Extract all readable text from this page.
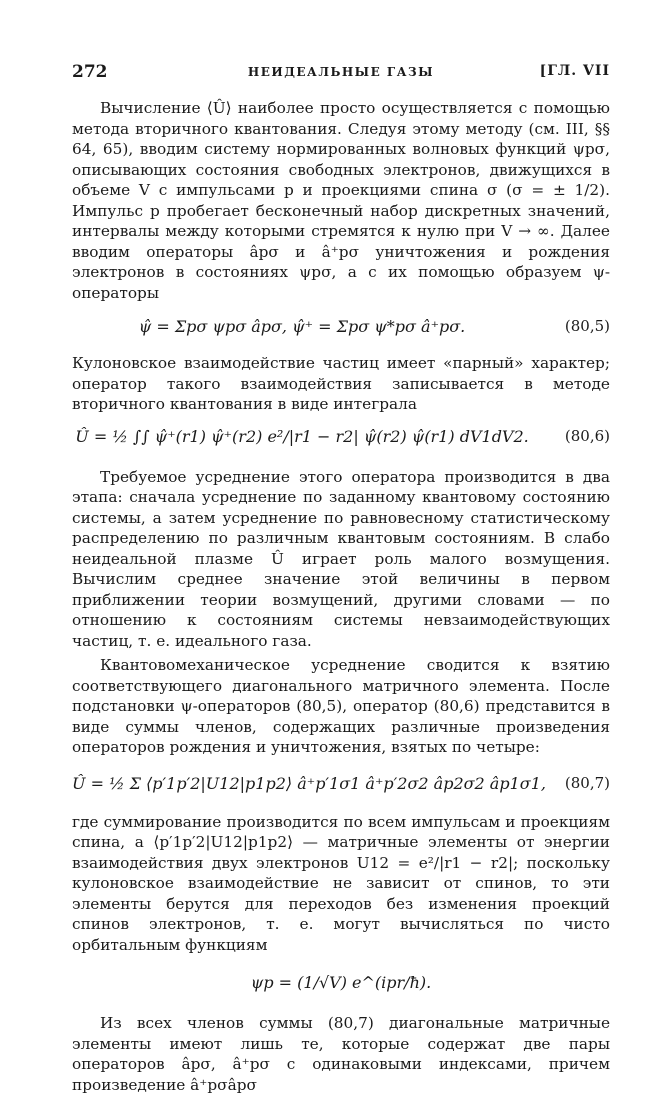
272	НЕИДЕАЛЬНЫЕ ГАЗЫ	[ГЛ. VII

Вычисление ⟨Û⟩ наиболее просто осуществляется с помощью метода вторичного квантования. Следуя этому методу (см. III, §§ 64, 65), вводим систему нормированных волновых функций ψpσ, описывающих состояния свободных электронов, движущихся в объеме V с импульсами p и проекциями спина σ (σ = ± 1/2). Импульс p пробегает бесконечный набор дискретных значений, интервалы между которыми стремятся к нулю при V → ∞. Далее вводим операторы âpσ и â⁺pσ уничтожения и рождения электронов в состояниях ψpσ, а с их помощью образуем ψ-операторы

ψ̂ = Σpσ ψpσ âpσ, ψ̂⁺ = Σpσ ψ*pσ â⁺pσ.	(80,5)

Кулоновское взаимодействие частиц имеет «парный» характер; оператор такого взаимодействия записывается в методе вторичного квантования в виде интеграла

Û = ½ ∫∫ ψ̂⁺(r1) ψ̂⁺(r2) e²/|r1 − r2| ψ̂(r2) ψ̂(r1) dV1dV2. (80,6)

Требуемое усреднение этого оператора производится в два этапа: сначала усреднение по заданному квантовому состоянию системы, а затем усреднение по равновесному статистическому распределению по различным квантовым состояниям. В слабо неидеальной плазме Û играет роль малого возмущения. Вычислим среднее значение этой величины в первом приближении теории возмущений, другими словами — по отношению к состояниям системы невзаимодействующих частиц, т. е. идеального газа.

Квантовомеханическое усреднение сводится к взятию соответствующего диагонального матричного элемента. После подстановки ψ-операторов (80,5), оператор (80,6) представится в виде суммы членов, содержащих различные произведения операторов рождения и уничтожения, взятых по четыре:

Û = ½ Σ ⟨p′1p′2|U12|p1p2⟩ â⁺p′1σ1 â⁺p′2σ2 âp2σ2 âp1σ1, (80,7)

где суммирование производится по всем импульсам и проекциям спина, а ⟨p′1p′2|U12|p1p2⟩ — матричные элементы от энергии взаимодействия двух электронов U12 = e²/|r1 − r2|; поскольку кулоновское взаимодействие не зависит от спинов, то эти элементы берутся для переходов без изменения проекций спинов электронов, т. е. могут вычисляться по чисто орбитальным функциям

ψp = (1/√V) e^(ipr/ħ).

Из всех членов суммы (80,7) диагональные матричные элементы имеют лишь те, которые содержат две пары операторов âpσ, â⁺pσ с одинаковыми индексами, причем произведение â⁺pσâpσ
